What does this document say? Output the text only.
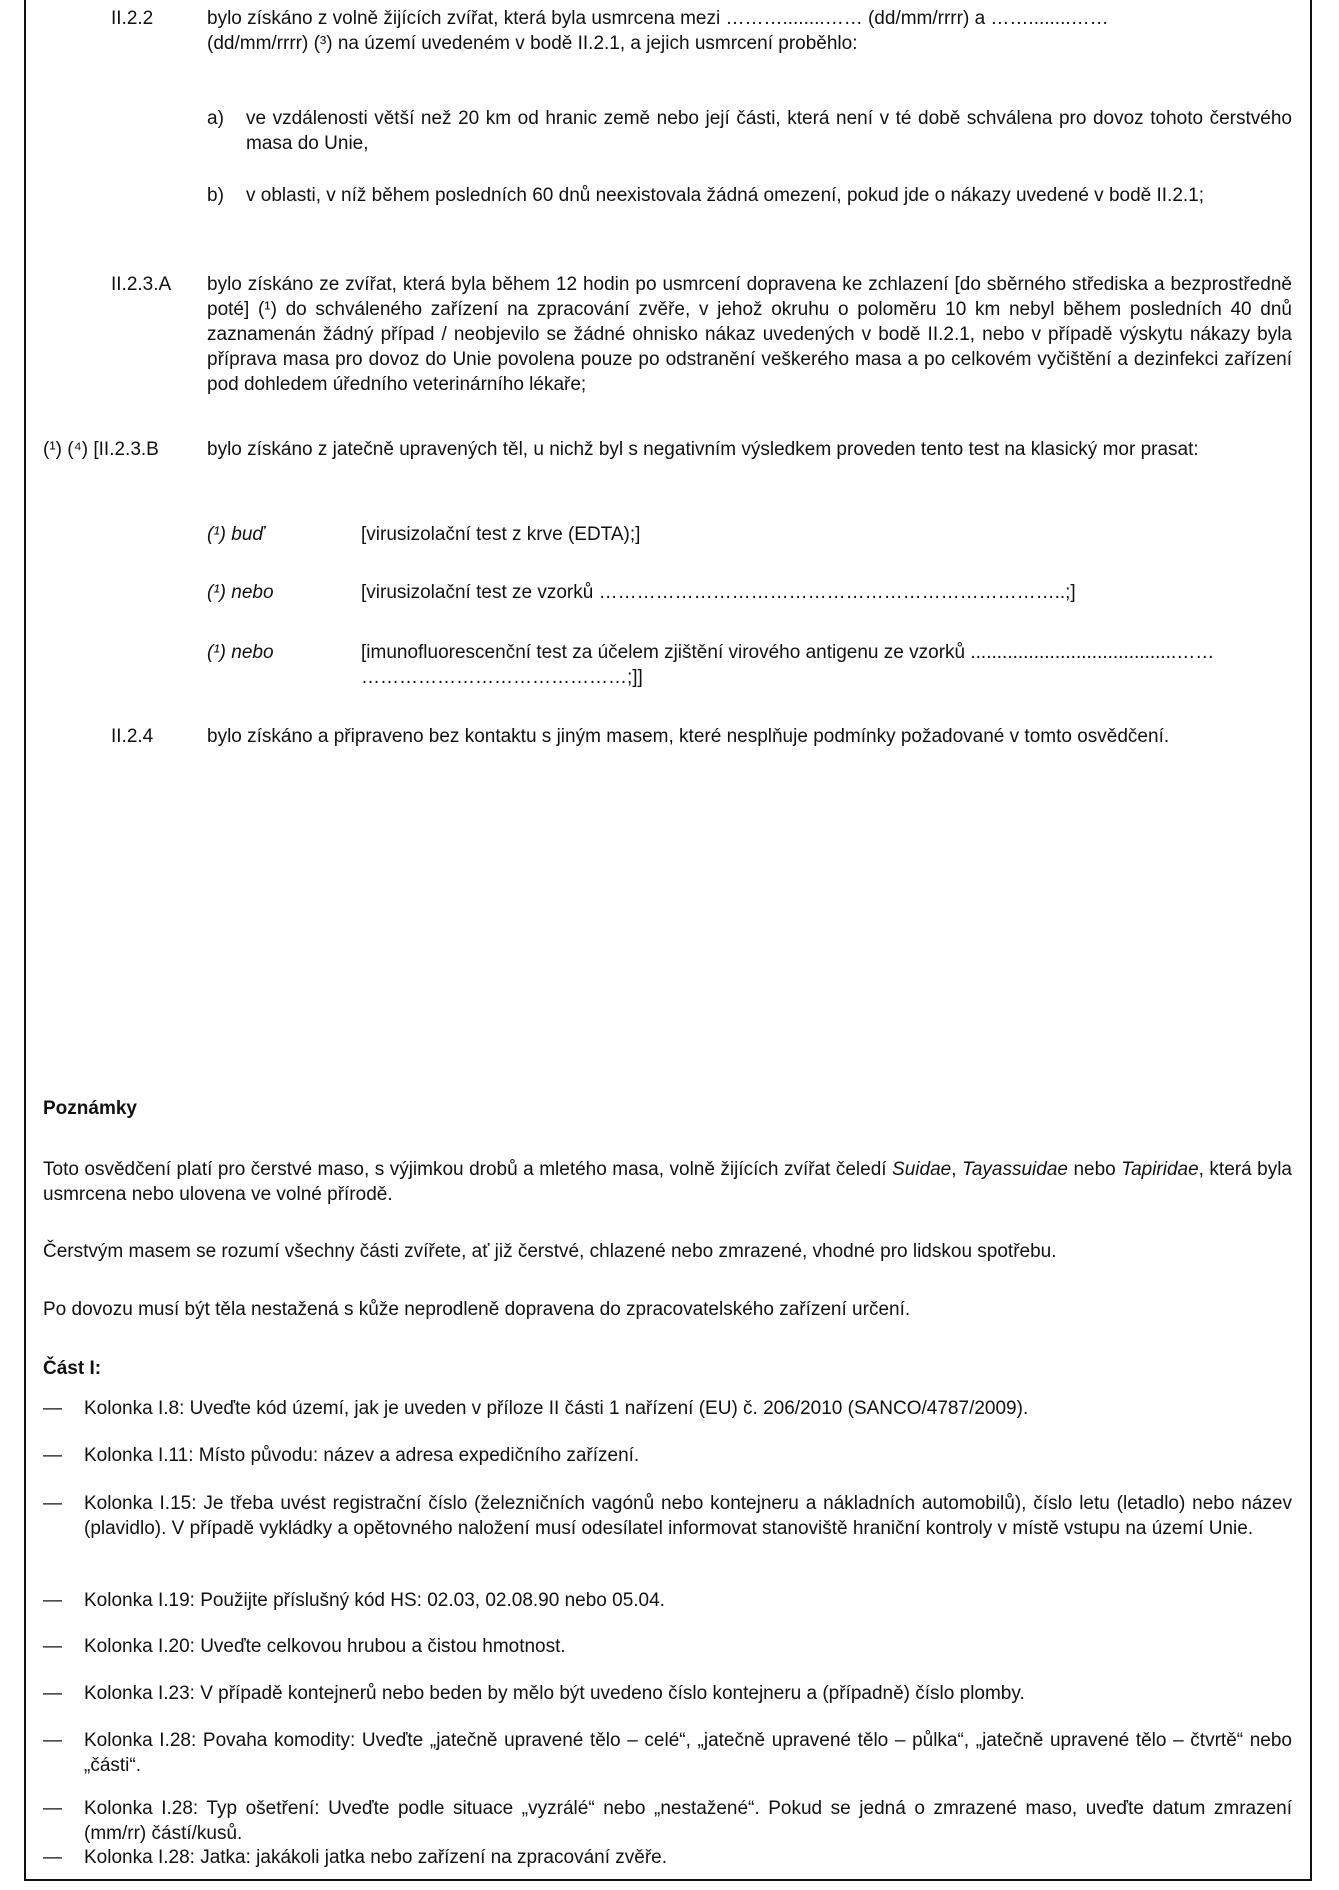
II.2.2	bylo získáno z volně žijících zvířat, která byla usmrcena mezi ………........…… (dd/mm/rrrr) a ……........……
(dd/mm/rrrr) (³) na území uvedeném v bodě II.2.1, a jejich usmrcení proběhlo:
a) ve vzdálenosti větší než 20 km od hranic země nebo její části, která není v té době schválena pro dovoz tohoto čerstvého masa do Unie,
b) v oblasti, v níž během posledních 60 dnů neexistovala žádná omezení, pokud jde o nákazy uvedené v bodě II.2.1;
II.2.3.A bylo získáno ze zvířat, která byla během 12 hodin po usmrcení dopravena ke zchlazení [do sběrného střediska a bezprostředně poté] (¹) do schváleného zařízení na zpracování zvěře, v jehož okruhu o poloměru 10 km nebyl během posledních 40 dnů zaznamenán žádný případ / neobjevilo se žádné ohnisko nákaz uvedených v bodě II.2.1, nebo v případě výskytu nákazy byla příprava masa pro dovoz do Unie povolena pouze po odstranění veškerého masa a po celkovém vyčištění a dezinfekci zařízení pod dohledem úředního veterinárního lékaře;
(¹) (⁴) [II.2.3.B	bylo získáno z jatečně upravených těl, u nichž byl s negativním výsledkem proveden tento test na klasický mor prasat:
(¹) buď	[virusizolační test z krve (EDTA);]
(¹) nebo	[virusizolační test ze vzorků ………………………………………………………………..;]
(¹) nebo	[imunofluorescenční test za účelem zjištění virového antigenu ze vzorků .......................................……
……………………………………;]]
II.2.4	bylo získáno a připraveno bez kontaktu s jiným masem, které nesplňuje podmínky požadované v tomto osvědčení.
Poznámky
Toto osvědčení platí pro čerstvé maso, s výjimkou drobů a mletého masa, volně žijících zvířat čeledí Suidae, Tayassuidae nebo Tapiridae, která byla usmrcena nebo ulovena ve volné přírodě.
Čerstvým masem se rozumí všechny části zvířete, ať již čerstvé, chlazené nebo zmrazené, vhodné pro lidskou spotřebu.
Po dovozu musí být těla nestažená s kůže neprodleně dopravena do zpracovatelského zařízení určení.
Část I:
— Kolonka I.8: Uveďte kód území, jak je uveden v příloze II části 1 nařízení (EU) č. 206/2010 (SANCO/4787/2009).
— Kolonka I.11: Místo původu: název a adresa expedičního zařízení.
— Kolonka I.15: Je třeba uvést registrační číslo (železničních vagónů nebo kontejneru a nákladních automobilů), číslo letu (letadlo) nebo název (plavidlo). V případě vykládky a opětovného naložení musí odesílatel informovat stanoviště hraniční kontroly v místě vstupu na území Unie.
— Kolonka I.19: Použijte příslušný kód HS: 02.03, 02.08.90 nebo 05.04.
— Kolonka I.20: Uveďte celkovou hrubou a čistou hmotnost.
— Kolonka I.23: V případě kontejnerů nebo beden by mělo být uvedeno číslo kontejneru a (případně) číslo plomby.
— Kolonka I.28: Povaha komodity: Uveďte „jatečně upravené tělo – celé“, „jatečně upravené tělo – půlka“, „jatečně upravené tělo – čtvrtě“ nebo „části“.
— Kolonka I.28: Typ ošetření: Uveďte podle situace „vyzrálé“ nebo „nestažené“. Pokud se jedná o zmrazené maso, uveďte datum zmrazení (mm/rr) částí/kusů.
— Kolonka I.28: Jatka: jakákoli jatka nebo zařízení na zpracování zvěře.
